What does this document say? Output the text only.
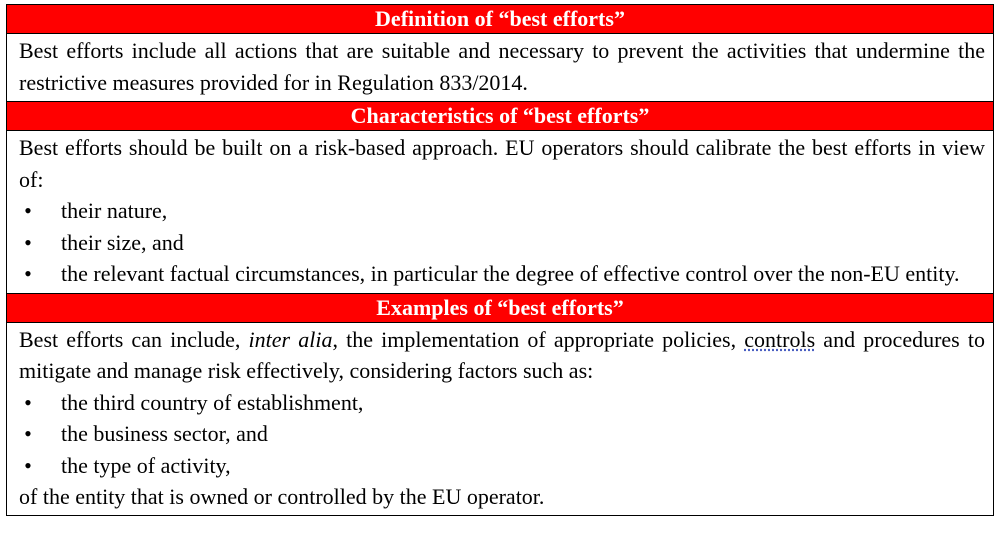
Definition of “best efforts”

Best efforts include all actions that are suitable and necessary to prevent the activities that undermine the restrictive measures provided for in Regulation 833/2014.

Characteristics of “best efforts”

Best efforts should be built on a risk-based approach. EU operators should calibrate the best efforts in view of:

• their nature,
• their size, and
• the relevant factual circumstances, in particular the degree of effective control over the non-EU entity.
Examples of “best efforts”

Best efforts can include, inter alia, the implementation of appropriate policies, controls and procedures to mitigate and manage risk effectively, considering factors such as:

• the third country of establishment,
• the business sector, and
• the type of activity,

of the entity that is owned or controlled by the EU operator.
